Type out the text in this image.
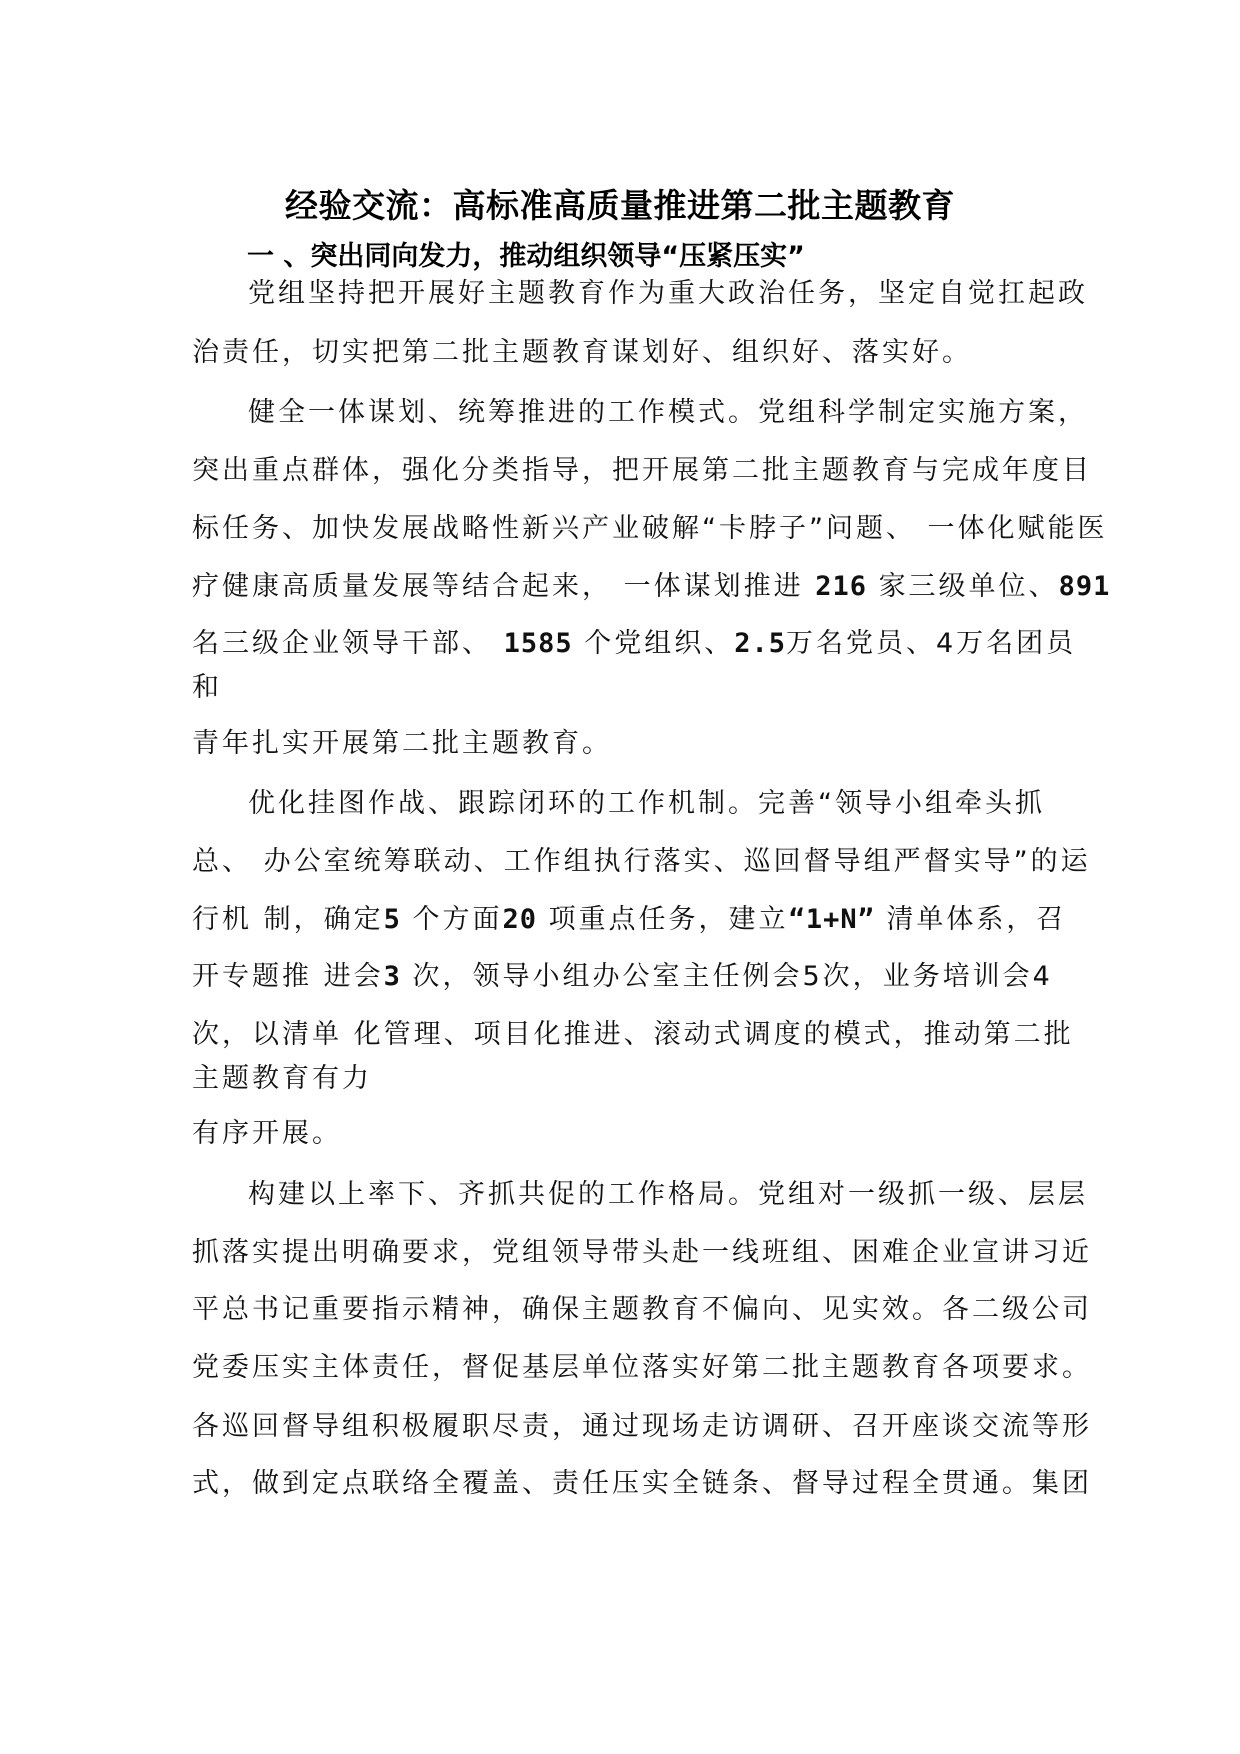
经验交流：高标准高质量推进第二批主题教育
一 、突出同向发力，推动组织领导“压紧压实”
党组坚持把开展好主题教育作为重大政治任务，坚定自觉扛起政
治责任，切实把第二批主题教育谋划好、组织好、落实好。
健全一体谋划、统筹推进的工作模式。党组科学制定实施方案，
突出重点群体，强化分类指导，把开展第二批主题教育与完成年度目
标任务、加快发展战略性新兴产业破解“卡脖子”问题、 一体化赋能医
疗健康高质量发展等结合起来， 一体谋划推进 216 家三级单位、891
名三级企业领导干部、 1585 个党组织、2.5万名党员、4万名团员
和
青年扎实开展第二批主题教育。
优化挂图作战、跟踪闭环的工作机制。完善“领导小组牵头抓
总、 办公室统筹联动、工作组执行落实、巡回督导组严督实导”的运
行机 制，确定5 个方面20 项重点任务，建立“1+N” 清单体系，召
开专题推 进会3 次，领导小组办公室主任例会5次，业务培训会4
次，以清单 化管理、项目化推进、滚动式调度的模式，推动第二批
主题教育有力
有序开展。
构建以上率下、齐抓共促的工作格局。党组对一级抓一级、层层
抓落实提出明确要求，党组领导带头赴一线班组、困难企业宣讲习近
平总书记重要指示精神，确保主题教育不偏向、见实效。各二级公司
党委压实主体责任，督促基层单位落实好第二批主题教育各项要求。
各巡回督导组积极履职尽责，通过现场走访调研、召开座谈交流等形
式，做到定点联络全覆盖、责任压实全链条、督导过程全贯通。集团
